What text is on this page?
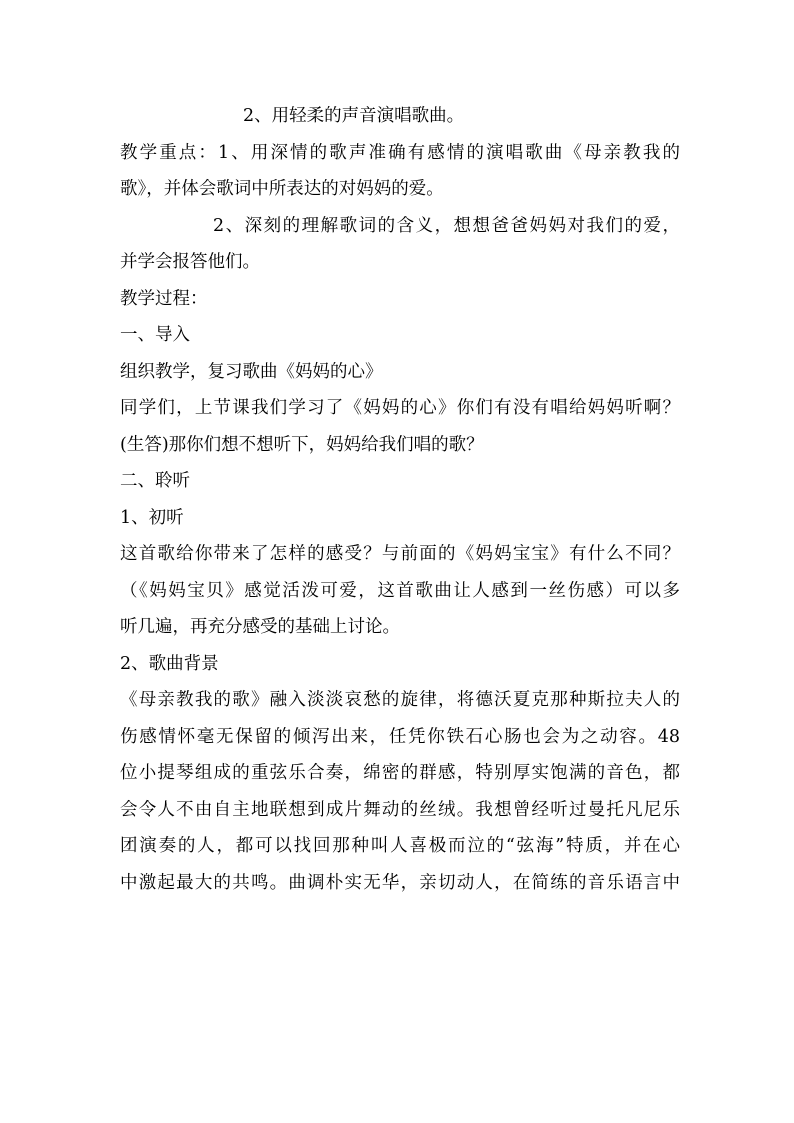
2、用轻柔的声音演唱歌曲。
教学重点：1、用深情的歌声准确有感情的演唱歌曲《母亲教我的
歌》，并体会歌词中所表达的对妈妈的爱。
2、深刻的理解歌词的含义，想想爸爸妈妈对我们的爱，
并学会报答他们。
教学过程：
一、导入
组织教学，复习歌曲《妈妈的心》
同学们，上节课我们学习了《妈妈的心》你们有没有唱给妈妈听啊？
(生答)那你们想不想听下，妈妈给我们唱的歌？
二、聆听
1、初听
这首歌给你带来了怎样的感受？与前面的《妈妈宝宝》有什么不同？
（《妈妈宝贝》感觉活泼可爱，这首歌曲让人感到一丝伤感）可以多
听几遍，再充分感受的基础上讨论。
2、歌曲背景
《母亲教我的歌》融入淡淡哀愁的旋律，将德沃夏克那种斯拉夫人的
伤感情怀毫无保留的倾泻出来，任凭你铁石心肠也会为之动容。48
位小提琴组成的重弦乐合奏，绵密的群感，特别厚实饱满的音色，都
会令人不由自主地联想到成片舞动的丝绒。我想曾经听过曼托凡尼乐
团演奏的人，都可以找回那种叫人喜极而泣的“弦海”特质，并在心
中激起最大的共鸣。曲调朴实无华，亲切动人，在简练的音乐语言中
